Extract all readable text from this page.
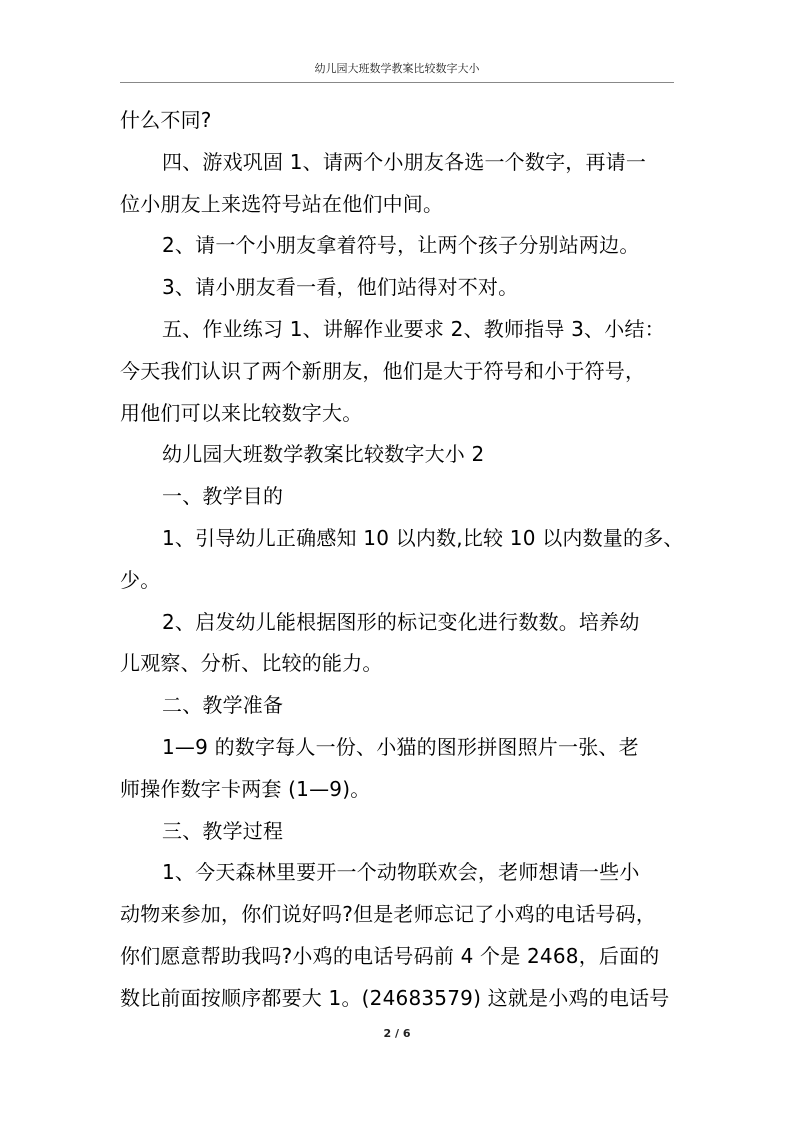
幼儿园大班数学教案比较数字大小

什么不同?

四、游戏巩固 1、请两个小朋友各选一个数字，再请一

位小朋友上来选符号站在他们中间。

2、请一个小朋友拿着符号，让两个孩子分别站两边。

3、请小朋友看一看，他们站得对不对。

五、作业练习 1、讲解作业要求 2、教师指导 3、小结：

今天我们认识了两个新朋友，他们是大于符号和小于符号，

用他们可以来比较数字大。

幼儿园大班数学教案比较数字大小 2

一、教学目的

1、引导幼儿正确感知 10 以内数,比较 10 以内数量的多、

少。

2、启发幼儿能根据图形的标记变化进行数数。培养幼

儿观察、分析、比较的能力。

二、教学准备

1—9 的数字每人一份、小猫的图形拼图照片一张、老

师操作数字卡两套 (1—9)。

三、教学过程

1、今天森林里要开一个动物联欢会，老师想请一些小

动物来参加，你们说好吗?但是老师忘记了小鸡的电话号码，

你们愿意帮助我吗?小鸡的电话号码前 4 个是 2468，后面的

数比前面按顺序都要大 1。(24683579) 这就是小鸡的电话号

2 / 6
